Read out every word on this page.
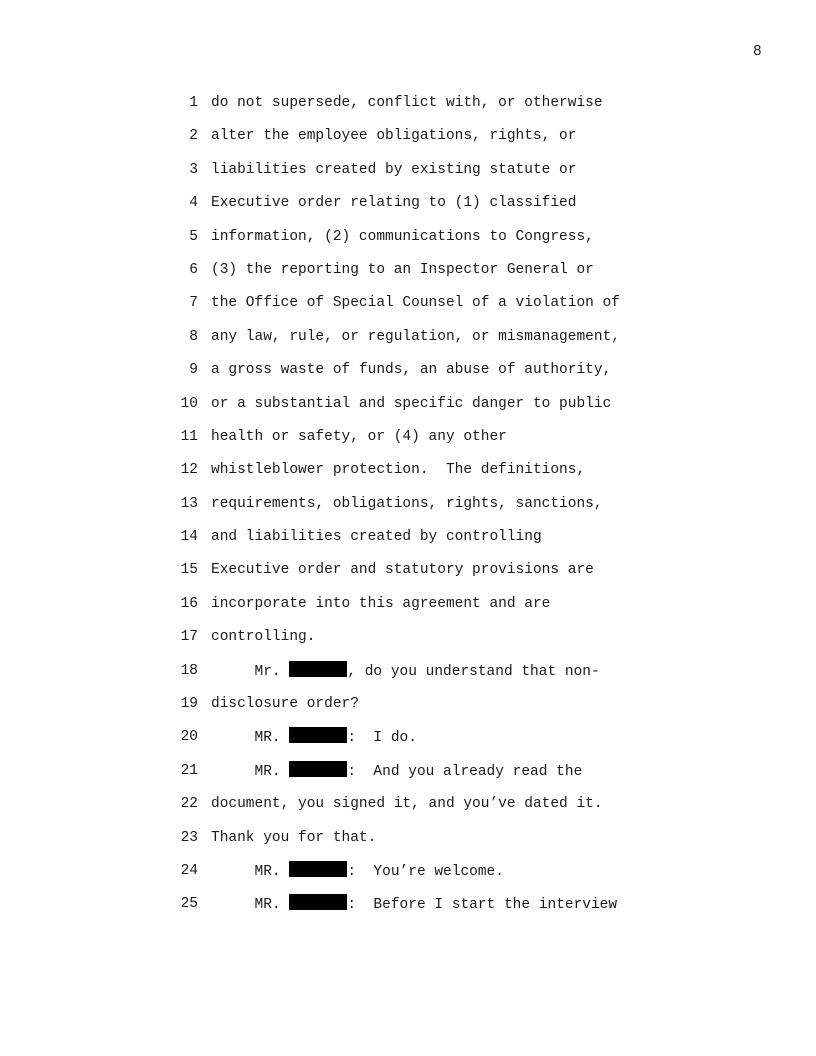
8
1 do not supersede, conflict with, or otherwise
2 alter the employee obligations, rights, or
3 liabilities created by existing statute or
4 Executive order relating to (1) classified
5 information, (2) communications to Congress,
6 (3) the reporting to an Inspector General or
7 the Office of Special Counsel of a violation of
8 any law, rule, or regulation, or mismanagement,
9 a gross waste of funds, an abuse of authority,
10 or a substantial and specific danger to public
11 health or safety, or (4) any other
12 whistleblower protection.  The definitions,
13 requirements, obligations, rights, sanctions,
14 and liabilities created by controlling
15 Executive order and statutory provisions are
16 incorporate into this agreement and are
17 controlling.
18 Mr.	, do you understand that non-
19 disclosure order?
20 MR.	:  I do.
21 MR.	:  And you already read the
22 document, you signed it, and you’ve dated it.
23 Thank you for that.
24 MR.	:  You’re welcome.
25 MR.	:  Before I start the interview
